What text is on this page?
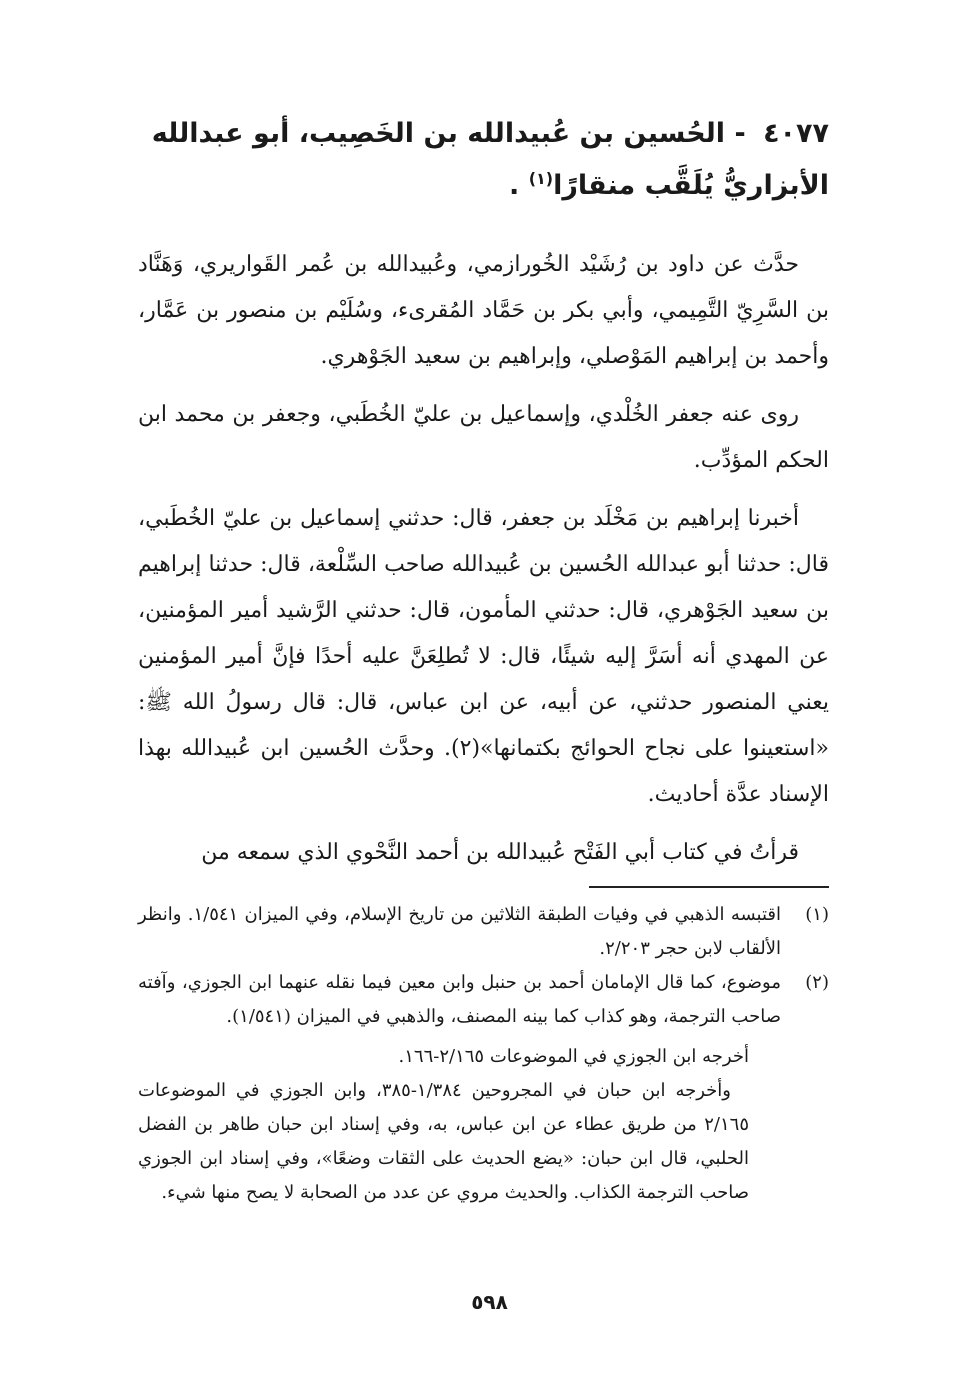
٤٠٧٧ - الحُسين بن عُبيدالله بن الخَصِيب، أبو عبدالله الأبزاريُّ يُلَقَّب منقارًا$^{(١)}$ .

حدَّث عن داود بن رُشَيْد الخُورازمي، وعُبيدالله بن عُمر القَواريري، وَهَنَّاد بن السَّرِيّ التَّمِيمي، وأبي بكر بن حَمَّاد المُقرىء، وسُلَيْم بن منصور بن عَمَّار، وأحمد بن إبراهيم المَوْصلي، وإبراهيم بن سعيد الجَوْهري.

روى عنه جعفر الخُلْدي، وإسماعيل بن عليّ الخُطَبي، وجعفر بن محمد ابن الحكم المؤدِّب.

أخبرنا إبراهيم بن مَخْلَد بن جعفر، قال: حدثني إسماعيل بن عليّ الخُطَبي، قال: حدثنا أبو عبدالله الحُسين بن عُبيدالله صاحب السِّلْعة، قال: حدثنا إبراهيم بن سعيد الجَوْهري، قال: حدثني المأمون، قال: حدثني الرَّشيد أمير المؤمنين، عن المهدي أنه أسَرَّ إليه شيئًا، قال: لا تُطلِعَنَّ عليه أحدًا فإنَّ أمير المؤمنين يعني المنصور حدثني، عن أبيه، عن ابن عباس، قال: قال رسولُ الله ﷺ: «استعينوا على نجاح الحوائج بكتمانها»(٢). وحدَّث الحُسين ابن عُبيدالله بهذا الإسناد عدَّة أحاديث.

قرأتُ في كتاب أبي الفَتْح عُبيدالله بن أحمد النَّحْوي الذي سمعه من

(١)
اقتبسه الذهبي في وفيات الطبقة الثلاثين من تاريخ الإسلام، وفي الميزان ١/٥٤١. وانظر الألقاب لابن حجر ٢/٢٠٣.
(٢)
موضوع، كما قال الإمامان أحمد بن حنبل وابن معين فيما نقله عنهما ابن الجوزي، وآفته صاحب الترجمة، وهو كذاب كما بينه المصنف، والذهبي في الميزان (١/٥٤١).
أخرجه ابن الجوزي في الموضوعات ٢/١٦٥-١٦٦.
وأخرجه ابن حبان في المجروحين ١/٣٨٤-٣٨٥، وابن الجوزي في الموضوعات ٢/١٦٥ من طريق عطاء عن ابن عباس، به، وفي إسناد ابن حبان طاهر بن الفضل الحلبي، قال ابن حبان: «يضع الحديث على الثقات وضعًا»، وفي إسناد ابن الجوزي صاحب الترجمة الكذاب. والحديث مروي عن عدد من الصحابة لا يصح منها شيء.
٥٩٨
